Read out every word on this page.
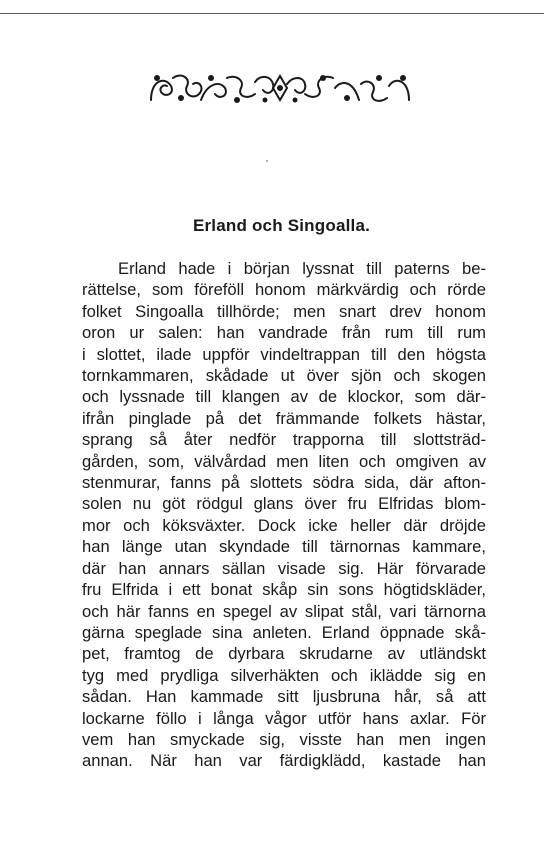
Erland och Singoalla.
Erland hade i början lyssnat till paterns be-
rättelse, som föreföll honom märkvärdig och rörde
folket Singoalla tillhörde; men snart drev honom
oron ur salen: han vandrade från rum till rum
i slottet, ilade uppför vindeltrappan till den högsta
tornkammaren, skådade ut över sjön och skogen
och lyssnade till klangen av de klockor, som där-
ifrån pinglade på det främmande folkets hästar,
sprang så åter nedför trapporna till slottsträd-
gården, som, välvårdad men liten och omgiven av
stenmurar, fanns på slottets södra sida, där afton-
solen nu göt rödgul glans över fru Elfridas blom-
mor och köksväxter. Dock icke heller där dröjde
han länge utan skyndade till tärnornas kammare,
där han annars sällan visade sig. Här förvarade
fru Elfrida i ett bonat skåp sin sons högtidskläder,
och här fanns en spegel av slipat stål, vari tärnorna
gärna speglade sina anleten. Erland öppnade skå-
pet, framtog de dyrbara skrudarne av utländskt
tyg med prydliga silverhäkten och ikläddе sig en
sådan. Han kammade sitt ljusbruna hår, så att
lockarne föllo i långa vågor utför hans axlar. För
vem han smyckade sig, visste han men ingen
annan. När han var färdigklädd, kastade han
